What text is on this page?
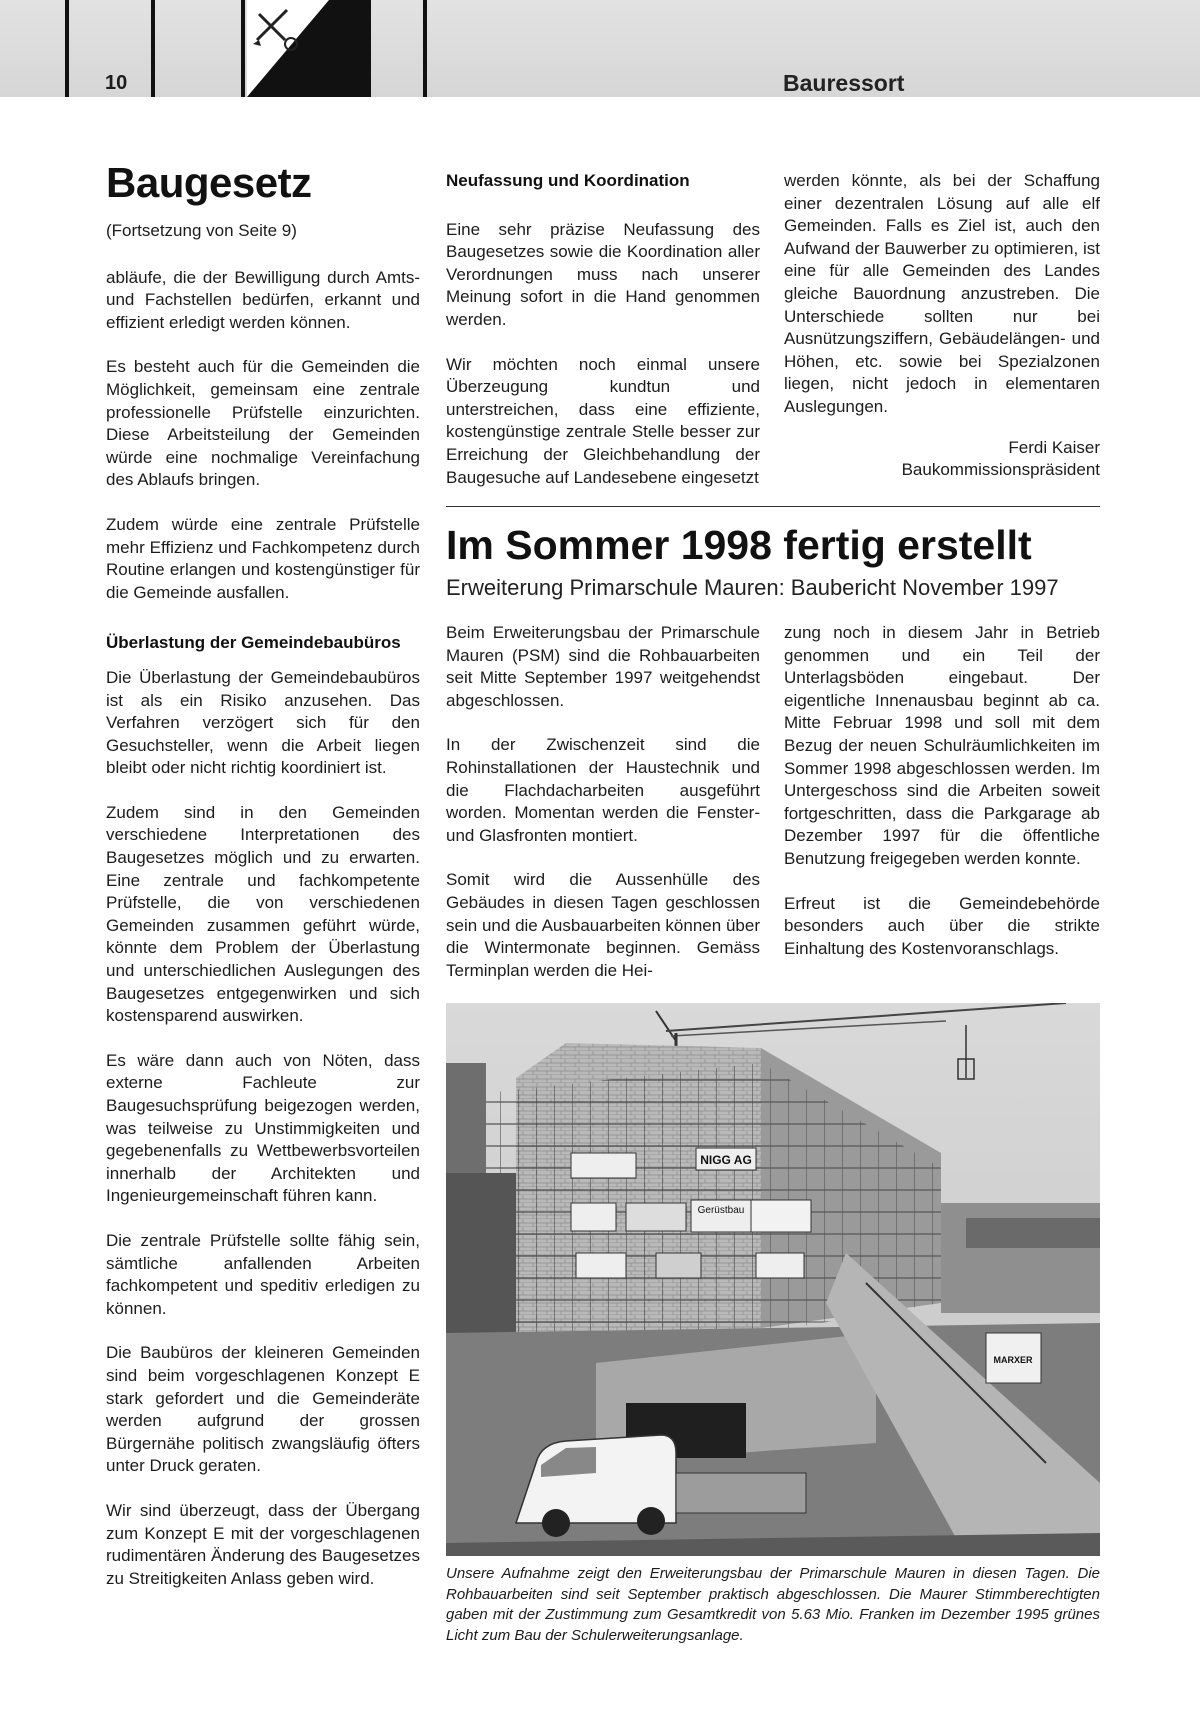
10	Bauressort
Baugesetz

(Fortsetzung von Seite 9)

abläufe, die der Bewilligung durch Amts- und Fachstellen bedürfen, erkannt und effizient erledigt werden können.

Es besteht auch für die Gemeinden die Möglichkeit, gemeinsam eine zentrale professionelle Prüfstelle einzurichten. Diese Arbeitsteilung der Gemeinden würde eine nochmalige Vereinfachung des Ablaufs bringen.

Zudem würde eine zentrale Prüfstelle mehr Effizienz und Fachkompetenz durch Routine erlangen und kostengünstiger für die Gemeinde ausfallen.

Überlastung der Gemeindebaubüros

Die Überlastung der Gemeindebaubüros ist als ein Risiko anzusehen. Das Verfahren verzögert sich für den Gesuchsteller, wenn die Arbeit liegen bleibt oder nicht richtig koordiniert ist.

Zudem sind in den Gemeinden verschiedene Interpretationen des Baugesetzes möglich und zu erwarten. Eine zentrale und fachkompetente Prüfstelle, die von verschiedenen Gemeinden zusammen geführt würde, könnte dem Problem der Überlastung und unterschiedlichen Auslegungen des Baugesetzes entgegenwirken und sich kostensparend auswirken.

Es wäre dann auch von Nöten, dass externe Fachleute zur Baugesuchsprüfung beigezogen werden, was teilweise zu Unstimmigkeiten und gegebenenfalls zu Wettbewerbsvorteilen innerhalb der Architekten und Ingenieurgemeinschaft führen kann.

Die zentrale Prüfstelle sollte fähig sein, sämtliche anfallenden Arbeiten fachkompetent und speditiv erledigen zu können.

Die Baubüros der kleineren Gemeinden sind beim vorgeschlagenen Konzept E stark gefordert und die Gemeinderäte werden aufgrund der grossen Bürgernähe politisch zwangsläufig öfters unter Druck geraten.

Wir sind überzeugt, dass der Übergang zum Konzept E mit der vorgeschlagenen rudimentären Änderung des Baugesetzes zu Streitigkeiten Anlass geben wird.

Neufassung und Koordination

Eine sehr präzise Neufassung des Baugesetzes sowie die Koordination aller Verordnungen muss nach unserer Meinung sofort in die Hand genommen werden.

Wir möchten noch einmal unsere Überzeugung kundtun und unterstreichen, dass eine effiziente, kostengünstige zentrale Stelle besser zur Erreichung der Gleichbehandlung der Baugesuche auf Landesebene eingesetzt

werden könnte, als bei der Schaffung einer dezentralen Lösung auf alle elf Gemeinden. Falls es Ziel ist, auch den Aufwand der Bauwerber zu optimieren, ist eine für alle Gemeinden des Landes gleiche Bauordnung anzustreben. Die Unterschiede sollten nur bei Ausnützungsziffern, Gebäudelängen- und Höhen, etc. sowie bei Spezialzonen liegen, nicht jedoch in elementaren Auslegungen.

Ferdi Kaiser

Baukommissionspräsident

Im Sommer 1998 fertig erstellt
Erweiterung Primarschule Mauren: Baubericht November 1997

Beim Erweiterungsbau der Primarschule Mauren (PSM) sind die Rohbauarbeiten seit Mitte September 1997 weitgehendst abgeschlossen.

In der Zwischenzeit sind die Rohinstallationen der Haustechnik und die Flachdacharbeiten ausgeführt worden. Momentan werden die Fenster- und Glasfronten montiert.

Somit wird die Aussenhülle des Gebäudes in diesen Tagen geschlossen sein und die Ausbauarbeiten können über die Wintermonate beginnen. Gemäss Terminplan werden die Hei-

zung noch in diesem Jahr in Betrieb genommen und ein Teil der Unterlagsböden eingebaut. Der eigentliche Innenausbau beginnt ab ca. Mitte Februar 1998 und soll mit dem Bezug der neuen Schulräumlichkeiten im Sommer 1998 abgeschlossen werden. Im Untergeschoss sind die Arbeiten soweit fortgeschritten, dass die Parkgarage ab Dezember 1997 für die öffentliche Benutzung freigegeben werden konnte.

Erfreut ist die Gemeindebehörde besonders auch über die strikte Einhaltung des Kostenvoranschlags.

NIGG AG
Gerüstbau
MARXER
Unsere Aufnahme zeigt den Erweiterungsbau der Primarschule Mauren in diesen Tagen. Die Rohbauarbeiten sind seit September praktisch abgeschlossen. Die Maurer Stimmberechtigten gaben mit der Zustimmung zum Gesamtkredit von 5.63 Mio. Franken im Dezember 1995 grünes Licht zum Bau der Schulerweiterungsanlage.
